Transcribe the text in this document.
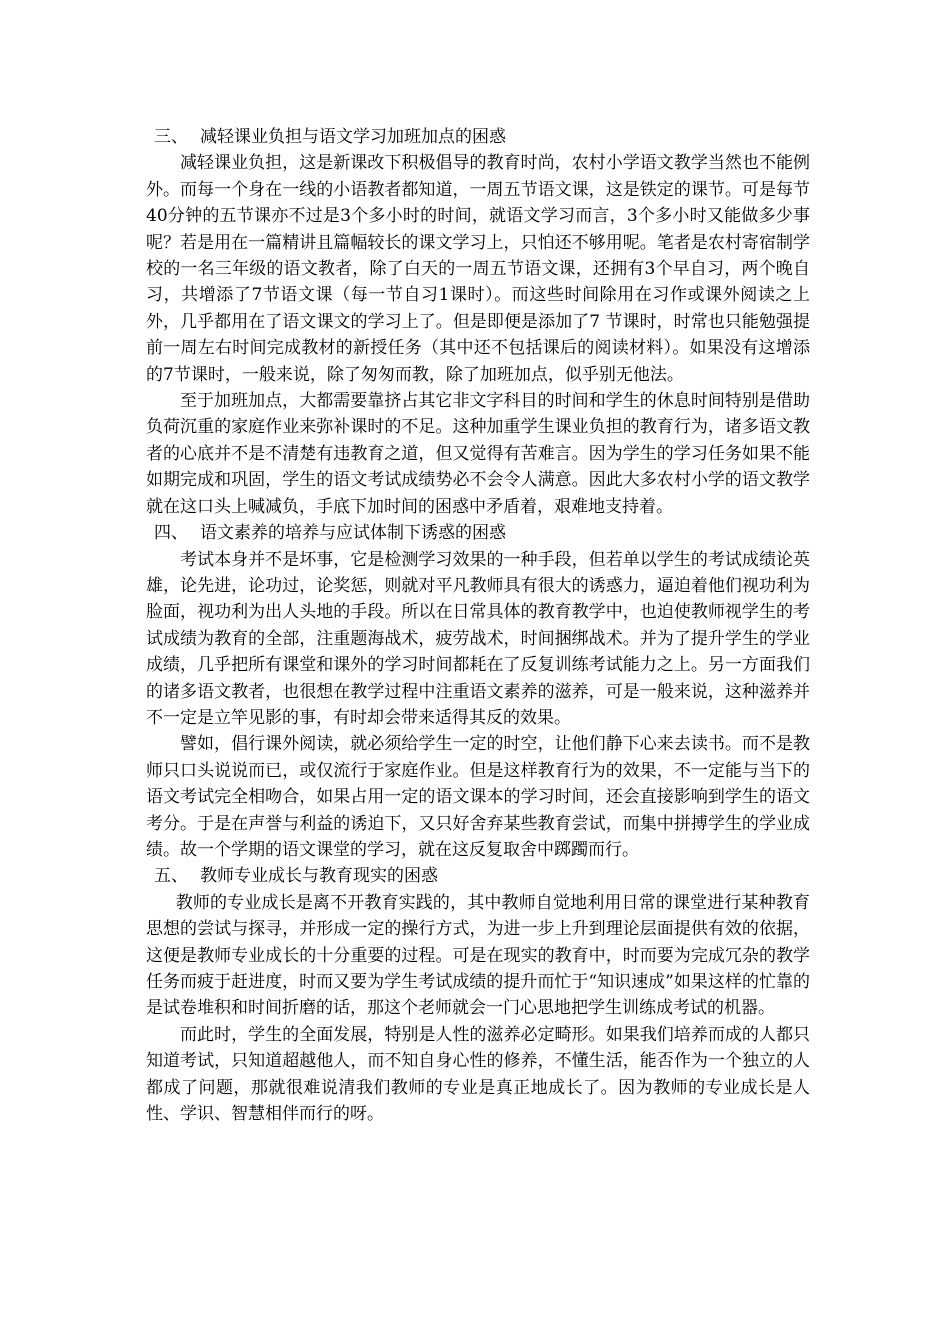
三、 减轻课业负担与语文学习加班加点的困惑

减轻课业负担，这是新课改下积极倡导的教育时尚，农村小学语文教学当然也不能例外。而每一个身在一线的小语教者都知道，一周五节语文课，这是铁定的课节。可是每节40分钟的五节课亦不过是3个多小时的时间，就语文学习而言，3个多小时又能做多少事呢？若是用在一篇精讲且篇幅较长的课文学习上，只怕还不够用呢。笔者是农村寄宿制学校的一名三年级的语文教者，除了白天的一周五节语文课，还拥有3个早自习，两个晚自习，共增添了7节语文课（每一节自习1课时）。而这些时间除用在习作或课外阅读之上外，几乎都用在了语文课文的学习上了。但是即便是添加了7 节课时，时常也只能勉强提前一周左右时间完成教材的新授任务（其中还不包括课后的阅读材料）。如果没有这增添的7节课时，一般来说，除了匆匆而教，除了加班加点，似乎别无他法。

至于加班加点，大都需要靠挤占其它非文字科目的时间和学生的休息时间特别是借助负荷沉重的家庭作业来弥补课时的不足。这种加重学生课业负担的教育行为，诸多语文教者的心底并不是不清楚有违教育之道，但又觉得有苦难言。因为学生的学习任务如果不能如期完成和巩固，学生的语文考试成绩势必不会令人满意。因此大多农村小学的语文教学就在这口头上喊减负，手底下加时间的困惑中矛盾着，艰难地支持着。

四、 语文素养的培养与应试体制下诱惑的困惑

考试本身并不是坏事，它是检测学习效果的一种手段，但若单以学生的考试成绩论英雄，论先进，论功过，论奖惩，则就对平凡教师具有很大的诱惑力，逼迫着他们视功利为脸面，视功利为出人头地的手段。所以在日常具体的教育教学中，也迫使教师视学生的考试成绩为教育的全部，注重题海战术，疲劳战术，时间捆绑战术。并为了提升学生的学业成绩，几乎把所有课堂和课外的学习时间都耗在了反复训练考试能力之上。另一方面我们的诸多语文教者，也很想在教学过程中注重语文素养的滋养，可是一般来说，这种滋养并不一定是立竿见影的事，有时却会带来适得其反的效果。

譬如，倡行课外阅读，就必须给学生一定的时空，让他们静下心来去读书。而不是教师只口头说说而已，或仅流行于家庭作业。但是这样教育行为的效果，不一定能与当下的语文考试完全相吻合，如果占用一定的语文课本的学习时间，还会直接影响到学生的语文考分。于是在声誉与利益的诱迫下，又只好舍弃某些教育尝试，而集中拼搏学生的学业成绩。故一个学期的语文课堂的学习，就在这反复取舍中踯躅而行。

五、 教师专业成长与教育现实的困惑

教师的专业成长是离不开教育实践的，其中教师自觉地利用日常的课堂进行某种教育思想的尝试与探寻，并形成一定的操行方式，为进一步上升到理论层面提供有效的依据，这便是教师专业成长的十分重要的过程。可是在现实的教育中，时而要为完成冗杂的教学任务而疲于赶进度，时而又要为学生考试成绩的提升而忙于“知识速成”如果这样的忙靠的是试卷堆积和时间折磨的话，那这个老师就会一门心思地把学生训练成考试的机器。

而此时，学生的全面发展，特别是人性的滋养必定畸形。如果我们培养而成的人都只知道考试，只知道超越他人，而不知自身心性的修养，不懂生活，能否作为一个独立的人都成了问题，那就很难说清我们教师的专业是真正地成长了。因为教师的专业成长是人性、学识、智慧相伴而行的呀。
